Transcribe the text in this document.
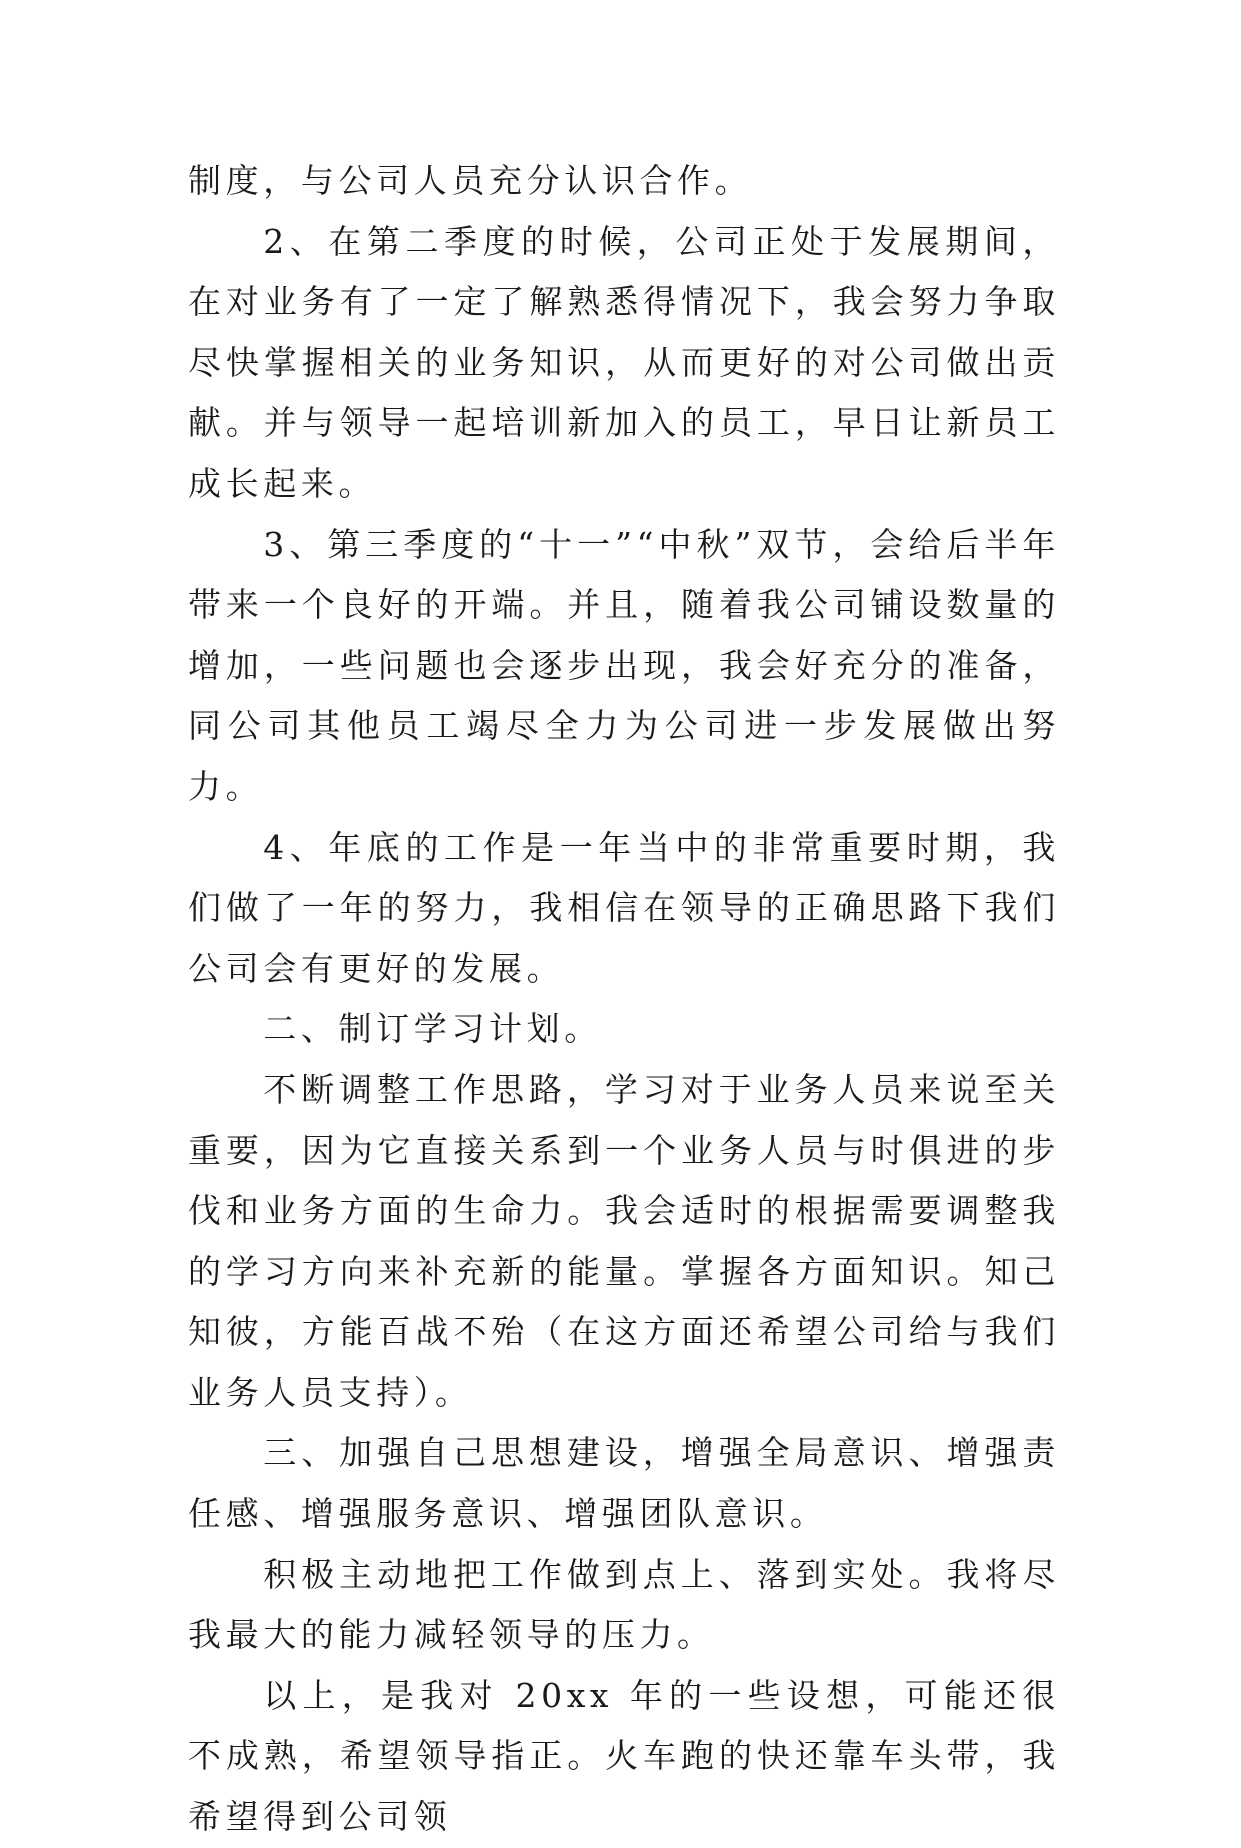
制度，与公司人员充分认识合作。

2、在第二季度的时候，公司正处于发展期间，在对业务有了一定了解熟悉得情况下，我会努力争取尽快掌握相关的业务知识，从而更好的对公司做出贡献。并与领导一起培训新加入的员工，早日让新员工成长起来。

3、第三季度的“十一”“中秋”双节，会给后半年带来一个良好的开端。并且，随着我公司铺设数量的增加，一些问题也会逐步出现，我会好充分的准备，同公司其他员工竭尽全力为公司进一步发展做出努力。

4、年底的工作是一年当中的非常重要时期，我们做了一年的努力，我相信在领导的正确思路下我们公司会有更好的发展。

二、制订学习计划。

不断调整工作思路，学习对于业务人员来说至关重要，因为它直接关系到一个业务人员与时俱进的步伐和业务方面的生命力。我会适时的根据需要调整我的学习方向来补充新的能量。掌握各方面知识。知己知彼，方能百战不殆（在这方面还希望公司给与我们业务人员支持）。

三、加强自己思想建设，增强全局意识、增强责任感、增强服务意识、增强团队意识。

积极主动地把工作做到点上、落到实处。我将尽我最大的能力减轻领导的压力。

以上，是我对 20xx 年的一些设想，可能还很不成熟，希望领导指正。火车跑的快还靠车头带，我希望得到公司领
